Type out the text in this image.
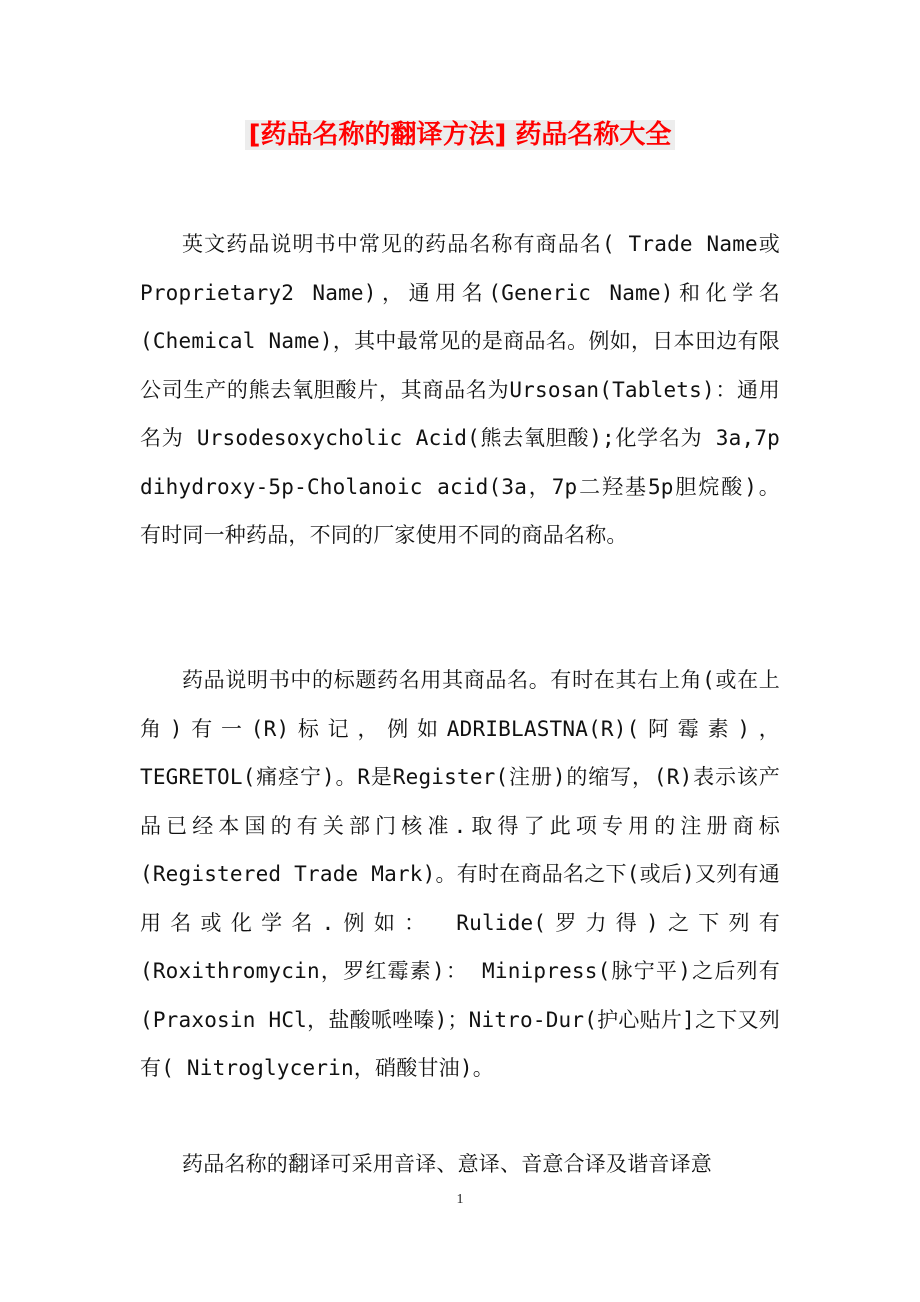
[药品名称的翻译方法] 药品名称大全

英文药品说明书中常见的药品名称有商品名( Trade Name或 Proprietary2 Name)，通用名(Generic Name)和化学名(Chemical Name)，其中最常见的是商品名。例如，日本田边有限公司生产的熊去氧胆酸片，其商品名为Ursosan(Tablets)：通用名为 Ursodesoxycholic Acid(熊去氧胆酸);化学名为 3a,7p dihydroxy-5p-Cholanoic acid(3a，7p二羟基5p胆烷酸)。有时同一种药品，不同的厂家使用不同的商品名称。

药品说明书中的标题药名用其商品名。有时在其右上角(或在上角)有一(R)标记，例如ADRIBLASTNA(R)(阿霉素)，TEGRETOL(痛痉宁)。R是Register(注册)的缩写，(R)表示该产品已经本国的有关部门核准.取得了此项专用的注册商标(Registered Trade Mark)。有时在商品名之下(或后)又列有通用名或化学名.例如： Rulide(罗力得)之下列有(Roxithromycin，罗红霉素)： Minipress(脉宁平)之后列有(Praxosin HCl，盐酸哌唑嗪)；Nitro-Dur(护心贴片]之下又列有( Nitroglycerin，硝酸甘油)。

药品名称的翻译可采用音译、意译、音意合译及谐音译意

1
